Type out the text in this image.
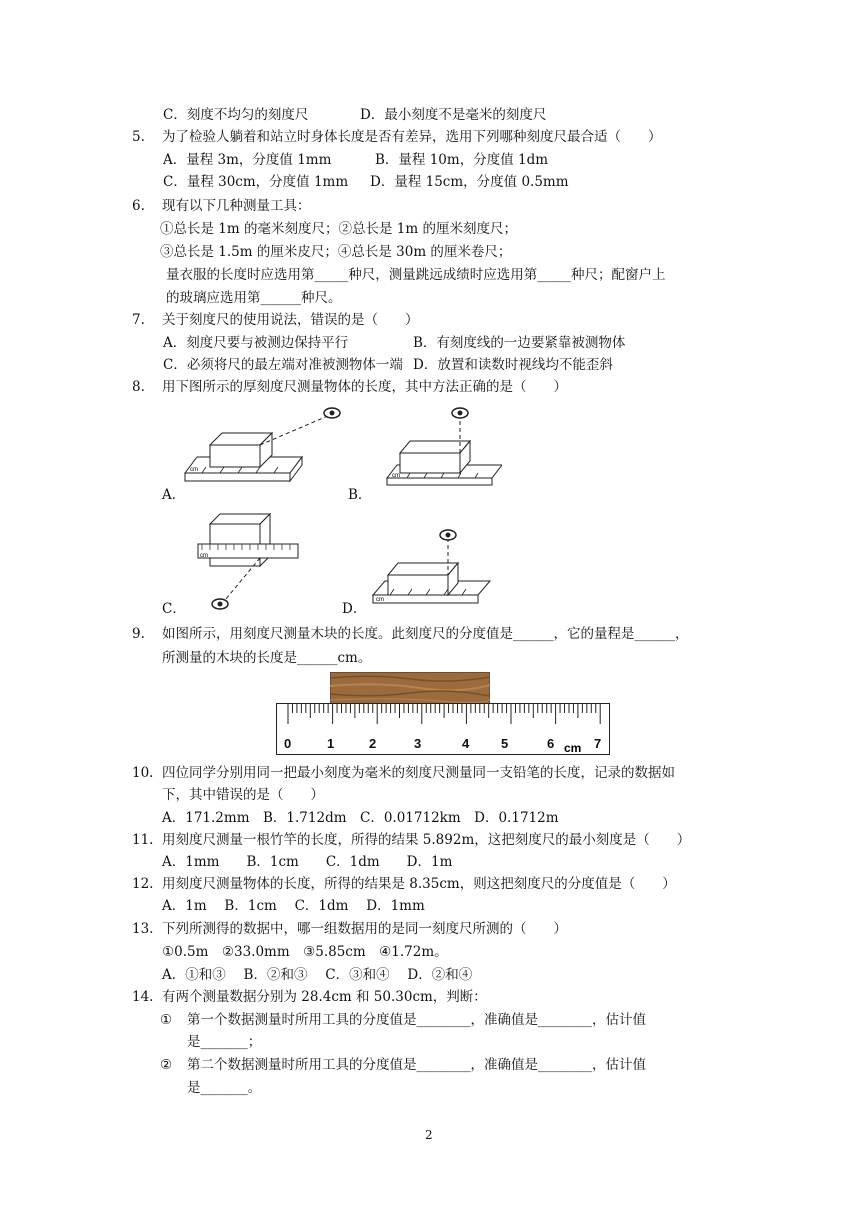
C．刻度不均匀的刻度尺	D．最小刻度不是毫米的刻度尺
5. 为了检验人躺着和站立时身体长度是否有差异，选用下列哪种刻度尺最合适（　　）
A．量程 3m，分度值 1mm	B．量程 10m，分度值 1dm
C．量程 30cm，分度值 1mm D．量程 15cm，分度值 0.5mm
6. 现有以下几种测量工具：
①总长是 1m 的毫米刻度尺；②总长是 1m 的厘米刻度尺；
③总长是 1.5m 的厘米皮尺；④总长是 30m 的厘米卷尺；
量衣服的长度时应选用第_____种尺，测量跳远成绩时应选用第_____种尺；配窗户上
的玻璃应选用第______种尺。
7. 关于刻度尺的使用说法，错误的是（　　）
A．刻度尺要与被测边保持平行	B．有刻度线的一边要紧靠被测物体
C．必须将尺的最左端对准被测物体一端 D．放置和读数时视线均不能歪斜
8. 用下图所示的厚刻度尺测量物体的长度，其中方法正确的是（　　）
cm
A．
cm
B．
cm
C．
cm
D．
9. 如图所示，用刻度尺测量木块的长度。此刻度尺的分度值是______，它的量程是______，
所测量的木块的长度是______cm。
0	1	2	3	4 5	6	7
cm
10. 四位同学分别用同一把最小刻度为毫米的刻度尺测量同一支铅笔的长度，记录的数据如
下，其中错误的是（　　）
A．171.2mm　B．1.712dm　C．0.01712km　D．0.1712m
11. 用刻度尺测量一根竹竿的长度，所得的结果 5.892m，这把刻度尺的最小刻度是（　　）
A．1mm　　B．1cm　　C．1dm　　D．1m
12. 用刻度尺测量物体的长度，所得的结果是 8.35cm，则这把刻度尺的分度值是（　　）
A．1m　 B．1cm　 C．1dm　 D．1mm
13. 下列所测得的数据中，哪一组数据用的是同一刻度尺所测的（　　）
①0.5m　②33.0mm　③5.85cm　④1.72m。
A．①和③　 B．②和③　 C．③和④　 D．②和④
14. 有两个测量数据分别为 28.4cm 和 50.30cm，判断：
① 第一个数据测量时所用工具的分度值是________，准确值是________，估计值
是_______；
② 第二个数据测量时所用工具的分度值是________，准确值是________，估计值
是_______。
2
